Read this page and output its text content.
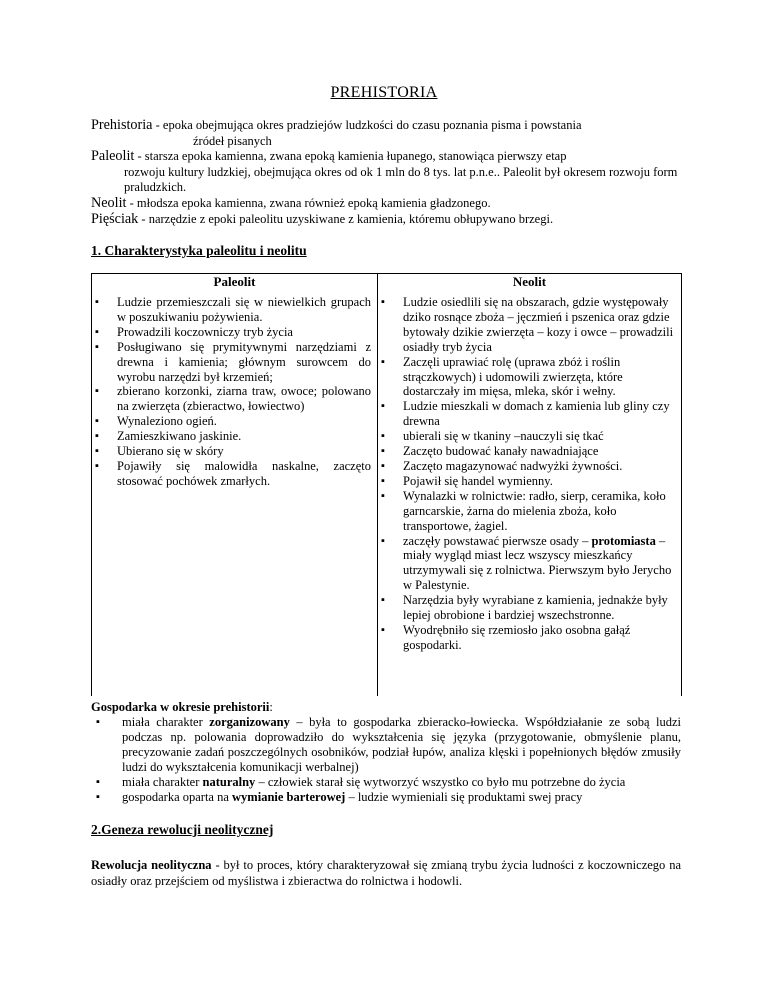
PREHISTORIA
Prehistoria - epoka obejmująca okres pradziejów ludzkości do czasu poznania pisma i powstania
źródeł pisanych
Paleolit - starsza epoka kamienna, zwana epoką kamienia łupanego, stanowiąca pierwszy etap
rozwoju kultury ludzkiej, obejmująca okres od ok 1 mln do 8 tys. lat p.n.e.. Paleolit był okresem rozwoju form praludzkich.
Neolit - młodsza epoka kamienna, zwana również epoką kamienia gładzonego.
Pięściak - narzędzie z epoki paleolitu uzyskiwane z kamienia, któremu obłupywano brzegi.
1. Charakterystyka paleolitu i neolitu
Paleolit	Neolit
▪ Ludzie przemieszczali się w niewielkich grupach w poszukiwaniu pożywienia.
▪ Prowadzili koczowniczy tryb życia
▪ Posługiwano się prymitywnymi narzędziami z drewna i kamienia; głównym surowcem do wyrobu narzędzi był krzemień;
▪ zbierano korzonki, ziarna traw, owoce; polowano na zwierzęta (zbieractwo, łowiectwo)
▪ Wynaleziono ogień.
▪ Zamieszkiwano jaskinie.
▪ Ubierano się w skóry
▪ Pojawiły się malowidła naskalne, zaczęto stosować pochówek zmarłych.
▪ Ludzie osiedlili się na obszarach, gdzie występowały dziko rosnące zboża – jęczmień i pszenica oraz gdzie bytowały dzikie zwierzęta – kozy i owce – prowadzili osiadły tryb życia
▪ Zaczęli uprawiać rolę (uprawa zbóż i roślin strączkowych) i udomowili zwierzęta, które dostarczały im mięsa, mleka, skór i wełny.
▪ Ludzie mieszkali w domach z kamienia lub gliny czy drewna
▪ ubierali się w tkaniny –nauczyli się tkać
▪ Zaczęto budować kanały nawadniające
▪ Zaczęto magazynować nadwyżki żywności.
▪ Pojawił się handel wymienny.
▪ Wynalazki w rolnictwie: radło, sierp, ceramika, koło garncarskie, żarna do mielenia zboża, koło transportowe, żagiel.
▪ zaczęły powstawać pierwsze osady – protomiasta – miały wygląd miast lecz wszyscy mieszkańcy utrzymywali się z rolnictwa. Pierwszym było Jerycho w Palestynie.
▪ Narzędzia były wyrabiane z kamienia, jednakże były lepiej obrobione i bardziej wszechstronne.
▪ Wyodrębniło się rzemiosło jako osobna gałąź gospodarki.
Gospodarka w okresie prehistorii:
▪ miała charakter zorganizowany – była to gospodarka zbieracko-łowiecka. Współdziałanie ze sobą ludzi podczas np. polowania doprowadziło do wykształcenia się języka (przygotowanie, obmyślenie planu, precyzowanie zadań poszczególnych osobników, podział łupów, analiza klęski i popełnionych błędów zmusiły ludzi do wykształcenia komunikacji werbalnej)
▪ miała charakter naturalny – człowiek starał się wytworzyć wszystko co było mu potrzebne do życia
▪ gospodarka oparta na wymianie barterowej – ludzie wymieniali się produktami swej pracy
2.Geneza rewolucji neolitycznej
Rewolucja neolityczna - był to proces, który charakteryzował się zmianą trybu życia ludności z koczowniczego na osiadły oraz przejściem od myślistwa i zbieractwa do rolnictwa i hodowli.
